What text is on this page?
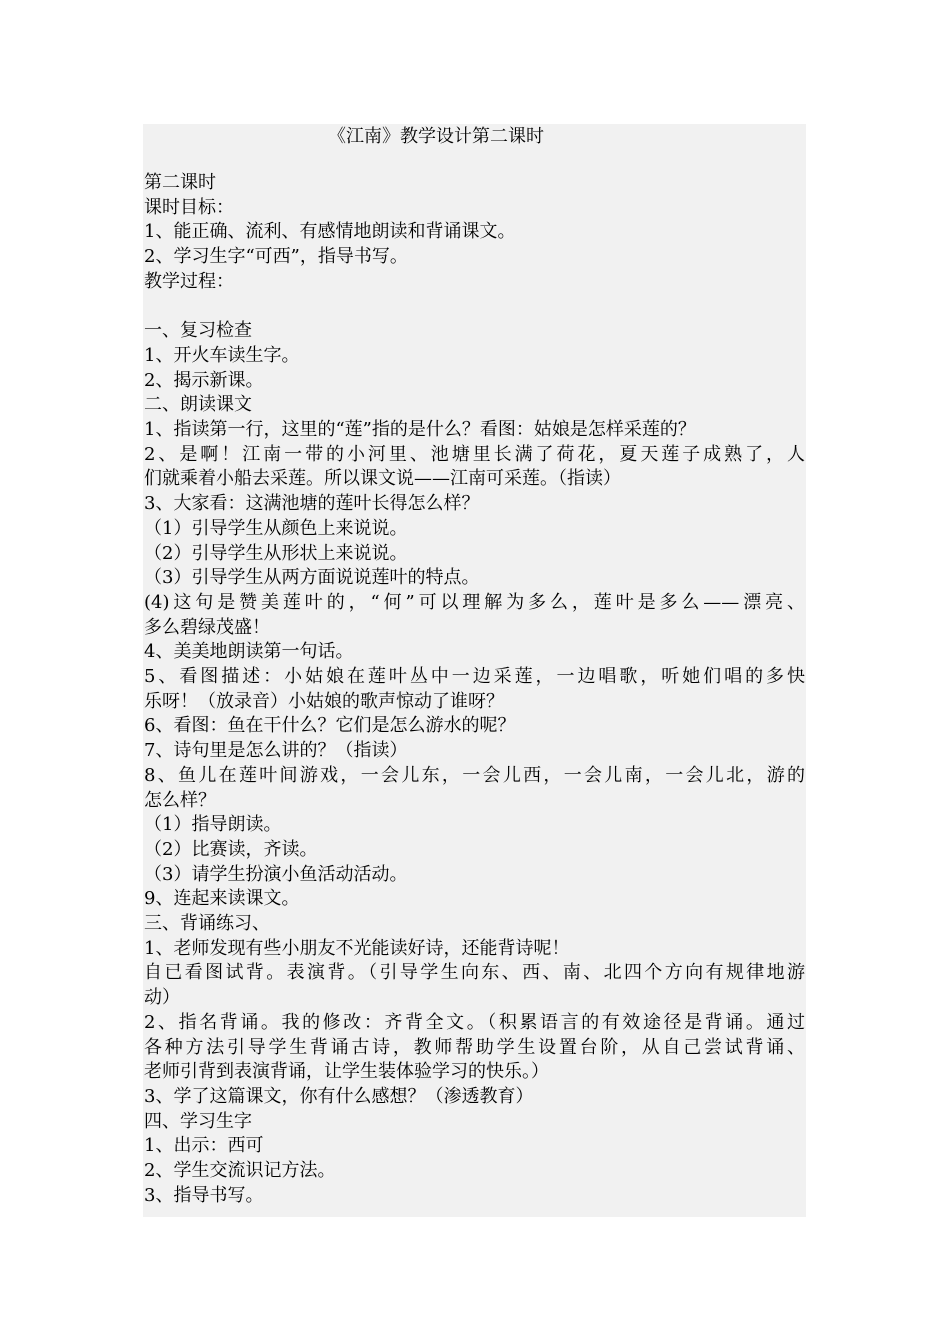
《江南》教学设计第二课时
第二课时
课时目标：
1、能正确、流利、有感情地朗读和背诵课文。
2、学习生字“可西”，指导书写。
教学过程：
一、复习检查
1、开火车读生字。
2、揭示新课。
二、朗读课文
1、指读第一行，这里的“莲”指的是什么？看图：姑娘是怎样采莲的？
2、是啊！江南一带的小河里、池塘里长满了荷花，夏天莲子成熟了，人
们就乘着小船去采莲。所以课文说——江南可采莲。（指读）
3、大家看：这满池塘的莲叶长得怎么样？
（1）引导学生从颜色上来说说。
（2）引导学生从形状上来说说。
（3）引导学生从两方面说说莲叶的特点。
(4)这句是赞美莲叶的，“何”可以理解为多么，莲叶是多么——漂亮、
多么碧绿茂盛！
4、美美地朗读第一句话。
5、看图描述：小姑娘在莲叶丛中一边采莲，一边唱歌，听她们唱的多快
乐呀！（放录音）小姑娘的歌声惊动了谁呀？
6、看图：鱼在干什么？它们是怎么游水的呢？
7、诗句里是怎么讲的？（指读）
8、鱼儿在莲叶间游戏，一会儿东，一会儿西，一会儿南，一会儿北，游的
怎么样？
（1）指导朗读。
（2）比赛读，齐读。
（3）请学生扮演小鱼活动活动。
9、连起来读课文。
三、背诵练习、
1、老师发现有些小朋友不光能读好诗，还能背诗呢！
自已看图试背。表演背。（引导学生向东、西、南、北四个方向有规律地游
动）
2、指名背诵。我的修改：齐背全文。（积累语言的有效途径是背诵。通过
各种方法引导学生背诵古诗，教师帮助学生设置台阶，从自己尝试背诵、
老师引背到表演背诵，让学生装体验学习的快乐。）
3、学了这篇课文，你有什么感想？（渗透教育）
四、学习生字
1、出示：西可
2、学生交流识记方法。
3、指导书写。
